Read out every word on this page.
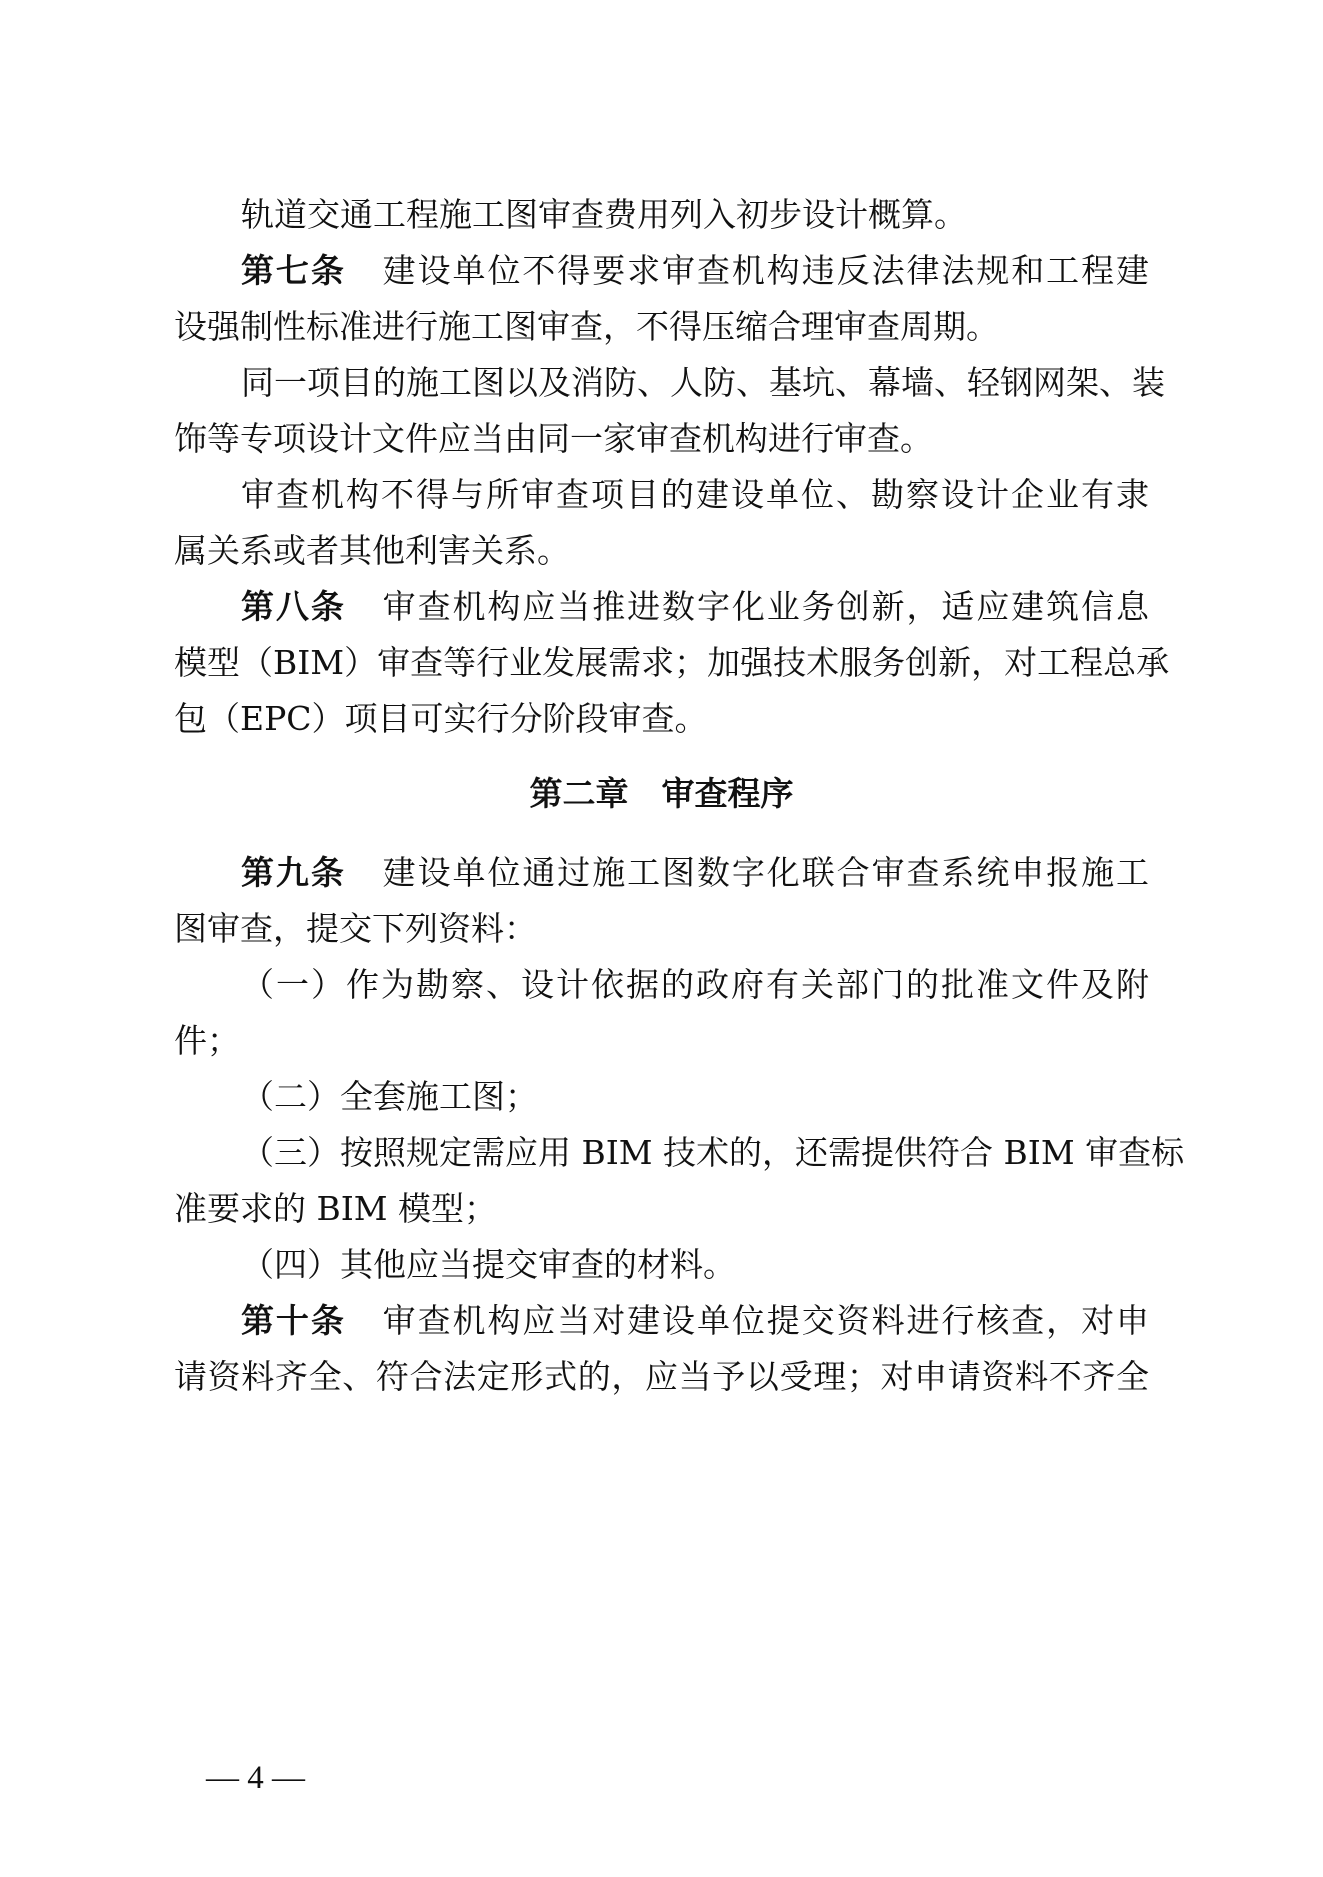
轨道交通工程施工图审查费用列入初步设计概算。
第七条 建设单位不得要求审查机构违反法律法规和工程建
设强制性标准进行施工图审查，不得压缩合理审查周期。
同一项目的施工图以及消防、人防、基坑、幕墙、轻钢网架、装
饰等专项设计文件应当由同一家审查机构进行审查。
审查机构不得与所审查项目的建设单位、勘察设计企业有隶
属关系或者其他利害关系。
第八条 审查机构应当推进数字化业务创新，适应建筑信息
模型（BIM）审查等行业发展需求；加强技术服务创新，对工程总承
包（EPC）项目可实行分阶段审查。
第二章　审查程序
第九条 建设单位通过施工图数字化联合审查系统申报施工
图审查，提交下列资料：
（一）作为勘察、设计依据的政府有关部门的批准文件及附
件；
（二）全套施工图；
（三）按照规定需应用 BIM 技术的，还需提供符合 BIM 审查标
准要求的 BIM 模型；
（四）其他应当提交审查的材料。
第十条 审查机构应当对建设单位提交资料进行核查，对申
请资料齐全、符合法定形式的，应当予以受理；对申请资料不齐全
— 4 —
